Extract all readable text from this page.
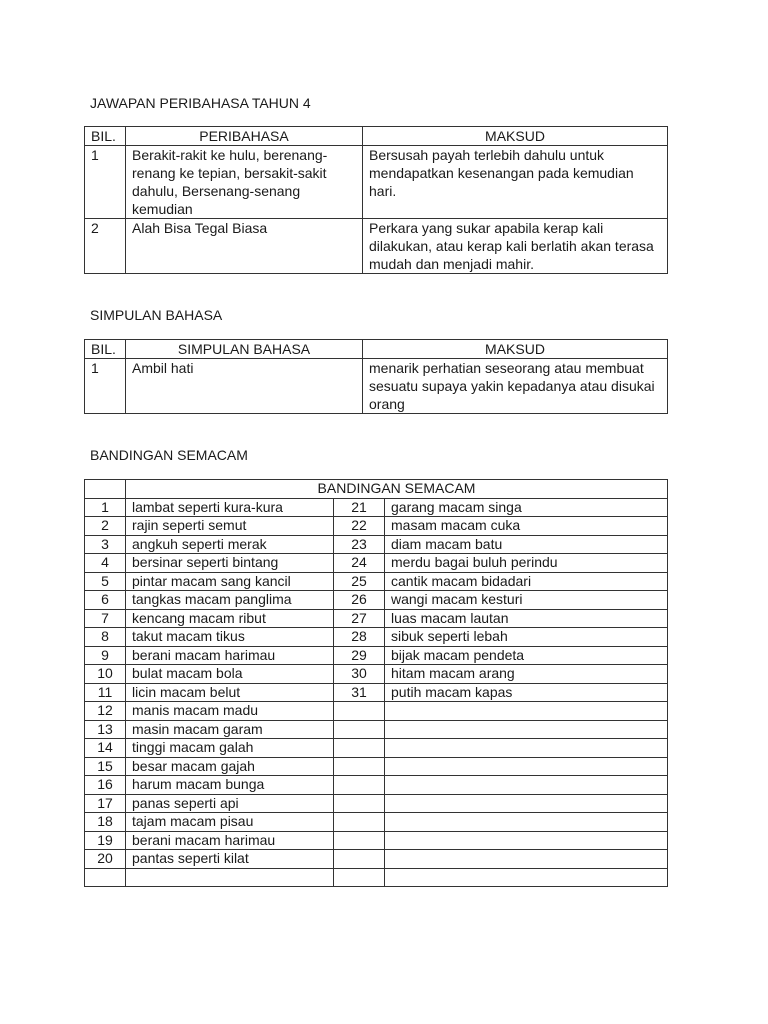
JAWAPAN PERIBAHASA TAHUN 4
BIL.	PERIBAHASA	MAKSUD
1	Berakit-rakit ke hulu, berenang-renang ke tepian, bersakit-sakit dahulu, Bersenang-senang kemudian	Bersusah payah terlebih dahulu untuk mendapatkan kesenangan pada kemudian hari.
2	Alah Bisa Tegal Biasa	Perkara yang sukar apabila kerap kali dilakukan, atau kerap kali berlatih akan terasa mudah dan menjadi mahir.
SIMPULAN BAHASA
BIL.	SIMPULAN BAHASA	MAKSUD
1	Ambil hati	menarik perhatian seseorang atau membuat sesuatu supaya yakin kepadanya atau disukai orang
BANDINGAN SEMACAM
	BANDINGAN SEMACAM		
1	lambat seperti kura-kura	21	garang macam singa
2	rajin seperti semut	22	masam macam cuka
3	angkuh seperti merak	23	diam macam batu
4	bersinar seperti bintang	24	merdu bagai buluh perindu
5	pintar macam sang kancil	25	cantik macam bidadari
6	tangkas macam panglima	26	wangi macam kesturi
7	kencang macam ribut	27	luas macam lautan
8	takut macam tikus	28	sibuk seperti lebah
9	berani macam harimau	29	bijak macam pendeta
10	bulat macam bola	30	hitam macam arang
11	licin macam belut	31	putih macam kapas
12	manis macam madu		
13	masin macam garam		
14	tinggi macam galah		
15	besar macam gajah		
16	harum macam bunga		
17	panas seperti api		
18	tajam macam pisau		
19	berani macam harimau		
20	pantas seperti kilat		
